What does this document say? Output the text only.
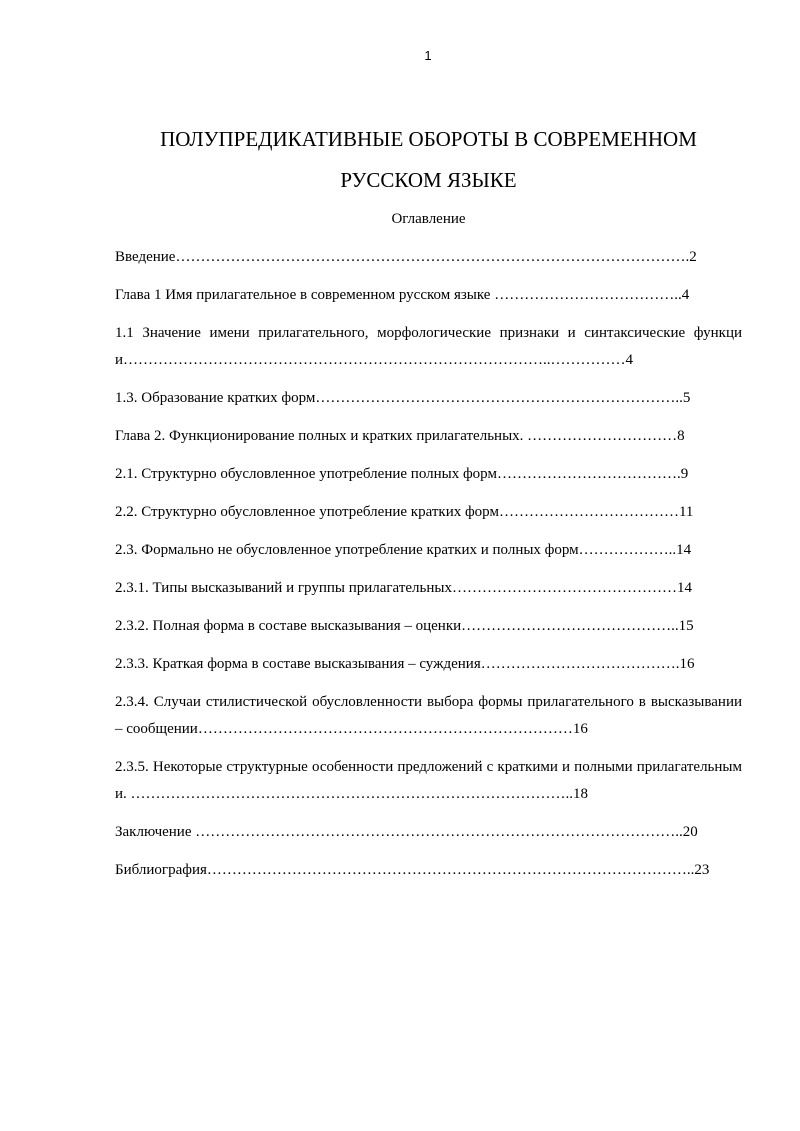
1
ПОЛУПРЕДИКАТИВНЫЕ ОБОРОТЫ В СОВРЕМЕННОМ РУССКОМ ЯЗЫКЕ
Оглавление

Введение………………………………………………………………………………………….2

Глава 1 Имя прилагательное в современном русском языке ………………………………..4

1.1 Значение имени прилагательного, морфологические признаки и синтаксические функции…………………………………………………………………………..……………4

1.3. Образование кратких форм………………………………………………………………..5

Глава 2. Функционирование полных и кратких прилагательных. …………………………8

2.1. Структурно обусловленное употребление полных форм……………………………….9

2.2. Структурно обусловленное употребление кратких форм………………………………11

2.3. Формально не обусловленное употребление кратких и полных форм………………..14

2.3.1. Типы высказываний и группы прилагательных………………………………………14

2.3.2. Полная форма в составе высказывания – оценки……………………………………..15

2.3.3. Краткая форма в составе высказывания – суждения………………………………….16

2.3.4. Случаи стилистической обусловленности выбора формы прилагательного в высказывании – сообщении…………………………………………………………………16

2.3.5. Некоторые структурные особенности предложений с краткими и полными прилагательными. ……………………………………………………………………………..18

Заключение ……………………………………………………………………………………..20

Библиография……………………………………………………………………………………..23
